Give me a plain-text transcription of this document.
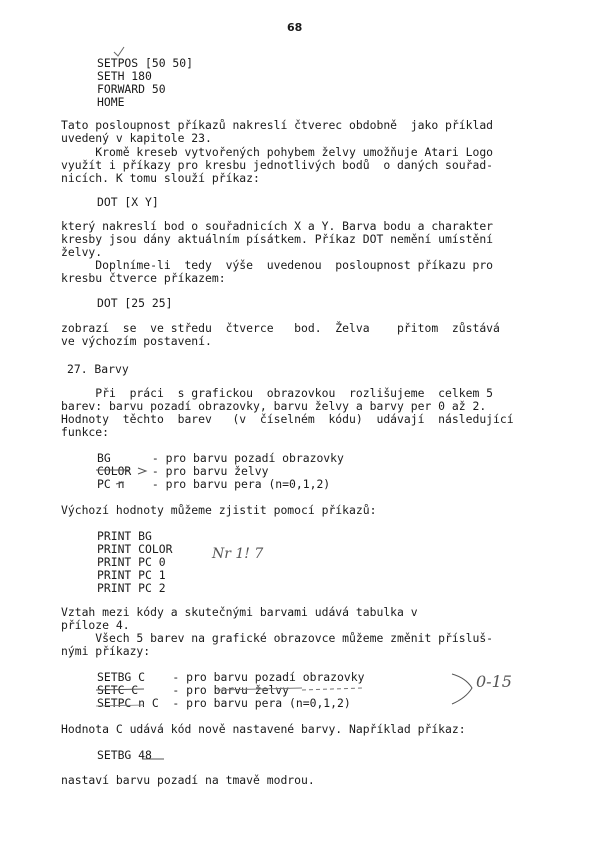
68
SETPOS [50 50]
SETH 180
FORWARD 50
HOME
Tato posloupnost příkazů nakreslí čtverec obdobně  jako příklad
uvedený v kapitole 23.
Kromě kreseb vytvořených pohybem želvy umožňuje Atari Logo
využít i příkazy pro kresbu jednotlivých bodů  o daných souřad-
nicích. K tomu slouží příkaz:
DOT [X Y]
který nakreslí bod o souřadnicích X a Y. Barva bodu a charakter
kresby jsou dány aktuálním písátkem. Příkaz DOT nemění umístění
želvy.
Doplníme-li  tedy  výše  uvedenou  posloupnost příkazu pro
kresbu čtverce příkazem:
DOT [25 25]
zobrazí  se  ve středu  čtverce   bod.  Želva    přitom  zůstává
ve výchozím postavení.
27. Barvy
Při  práci  s grafickou  obrazovkou  rozlišujeme  celkem 5
barev: barvu pozadí obrazovky, barvu želvy a barvy per 0 až 2.
Hodnoty  těchto  barev   (v  číselném  kódu)  udávají  následující
funkce:
BG      - pro barvu pozadí obrazovky
COLOR   - pro barvu želvy
PC n    - pro barvu pera (n=0,1,2)
Výchozí hodnoty můžeme zjistit pomocí příkazů:
PRINT BG
PRINT COLOR
PRINT PC 0
PRINT PC 1
PRINT PC 2
Nr 1! 7
Vztah mezi kódy a skutečnými barvami udává tabulka v
příloze 4.
Všech 5 barev na grafické obrazovce můžeme změnit přísluš-
nými příkazy:
SETBG C    - pro barvu pozadí obrazovky
SETC C     - pro barvu želvy
SETPC n C  - pro barvu pera (n=0,1,2)
0-15
Hodnota C udává kód nově nastavené barvy. Například příkaz:
SETBG 48
nastaví barvu pozadí na tmavě modrou.
